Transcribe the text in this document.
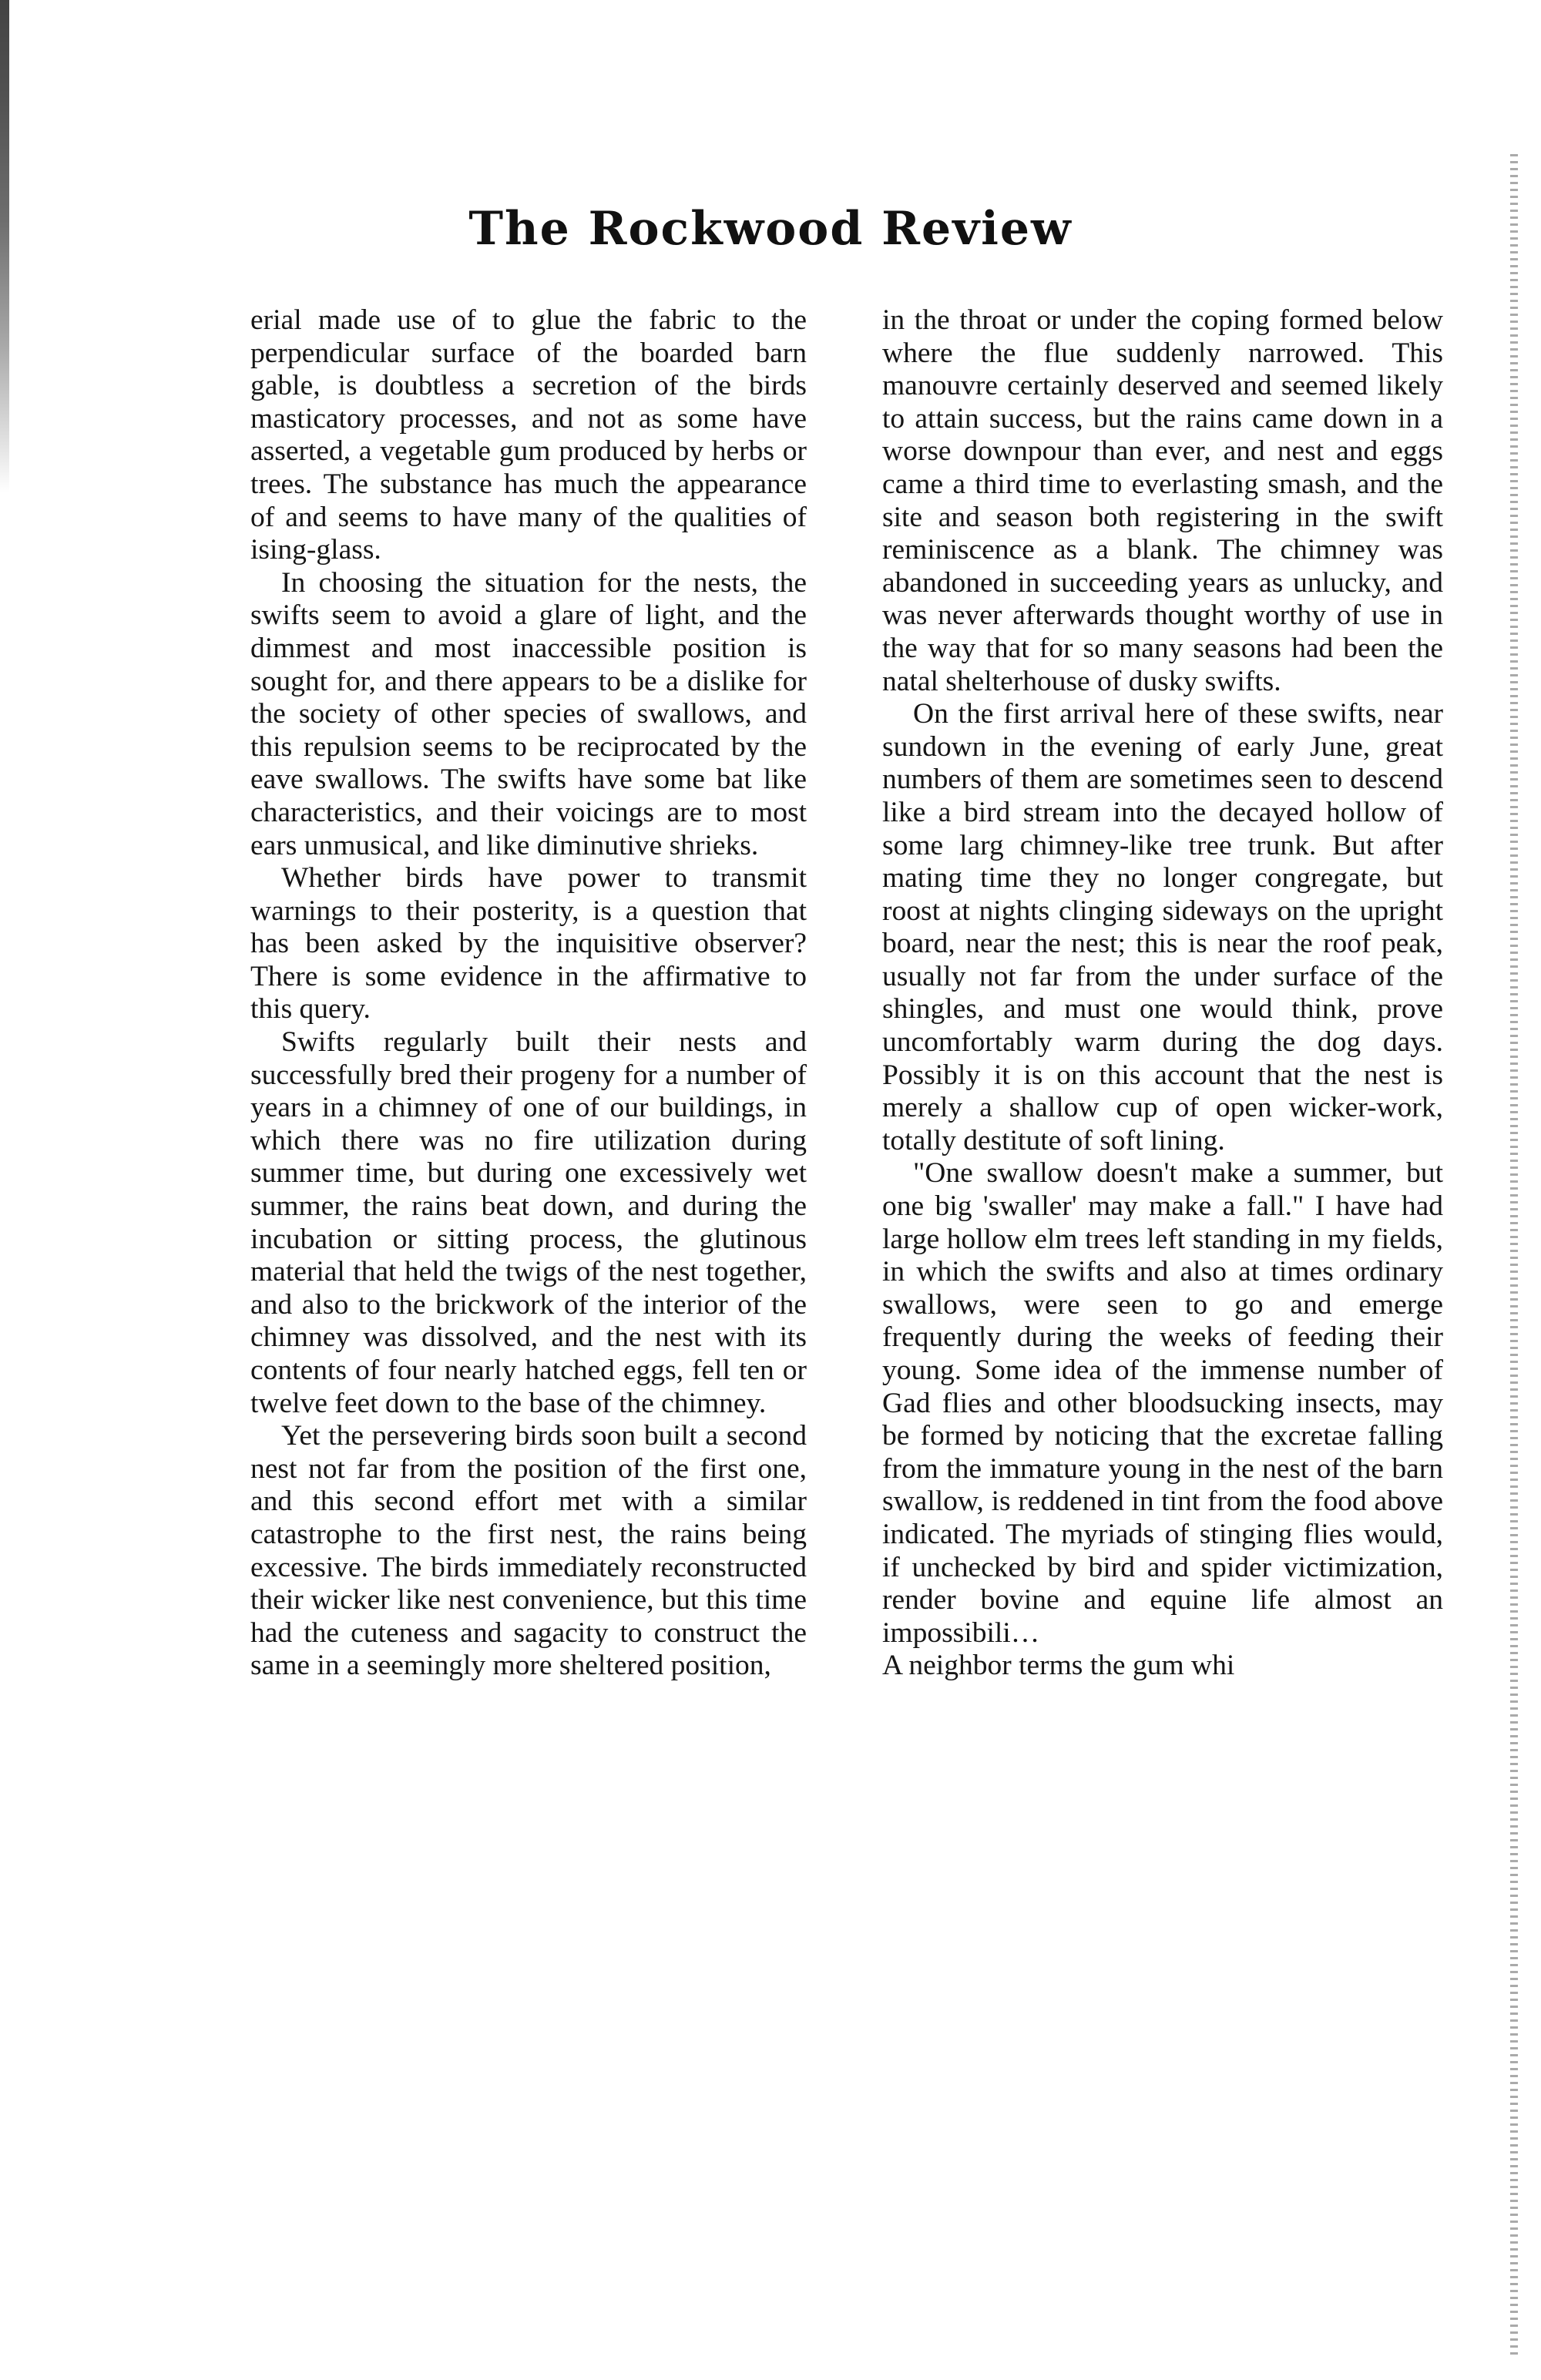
The Rockwood Review

erial made use of to glue the fabric to the perpendicular surface of the boarded barn gable, is doubtless a secretion of the birds masticatory processes, and not as some have asserted, a vegetable gum produced by herbs or trees. The substance has much the appearance of and seems to have many of the qualities of ising-glass.

In choosing the situation for the nests, the swifts seem to avoid a glare of light, and the dimmest and most inaccessible position is sought for, and there appears to be a dislike for the society of other species of swallows, and this repulsion seems to be reciprocated by the eave swallows. The swifts have some bat like characteristics, and their voicings are to most ears unmusical, and like diminutive shrieks.

Whether birds have power to transmit warnings to their posterity, is a question that has been asked by the inquisitive observer? There is some evidence in the affirmative to this query.

Swifts regularly built their nests and successfully bred their progeny for a number of years in a chimney of one of our buildings, in which there was no fire utilization during summer time, but during one excessively wet summer, the rains beat down, and during the incubation or sitting process, the glutinous material that held the twigs of the nest together, and also to the brickwork of the interior of the chimney was dissolved, and the nest with its contents of four nearly hatched eggs, fell ten or twelve feet down to the base of the chimney.

Yet the persevering birds soon built a second nest not far from the position of the first one, and this second effort met with a similar catastrophe to the first nest, the rains being excessive. The birds immediately reconstructed their wicker like nest convenience, but this time had the cuteness and sagacity to construct the same in a seemingly more sheltered position,

in the throat or under the coping formed below where the flue suddenly narrowed. This manouvre certainly deserved and seemed likely to attain success, but the rains came down in a worse downpour than ever, and nest and eggs came a third time to everlasting smash, and the site and season both registering in the swift reminiscence as a blank. The chimney was abandoned in succeeding years as unlucky, and was never afterwards thought worthy of use in the way that for so many seasons had been the natal shelterhouse of dusky swifts.

On the first arrival here of these swifts, near sundown in the evening of early June, great numbers of them are sometimes seen to descend like a bird stream into the decayed hollow of some larg chimney-like tree trunk. But after mating time they no longer congregate, but roost at nights clinging sideways on the upright board, near the nest; this is near the roof peak, usually not far from the under surface of the shingles, and must one would think, prove uncomfortably warm during the dog days. Possibly it is on this account that the nest is merely a shallow cup of open wicker-work, totally destitute of soft lining.

"One swallow doesn't make a summer, but one big 'swaller' may make a fall." I have had large hollow elm trees left standing in my fields, in which the swifts and also at times ordinary swallows, were seen to go and emerge frequently during the weeks of feeding their young. Some idea of the immense number of Gad flies and other bloodsucking insects, may be formed by noticing that the excretae falling from the immature young in the nest of the barn swallow, is reddened in tint from the food above indicated. The myriads of stinging flies would, if unchecked by bird and spider victimization, render bovine and equine life almost an impossibili…

A neighbor terms the gum whi
